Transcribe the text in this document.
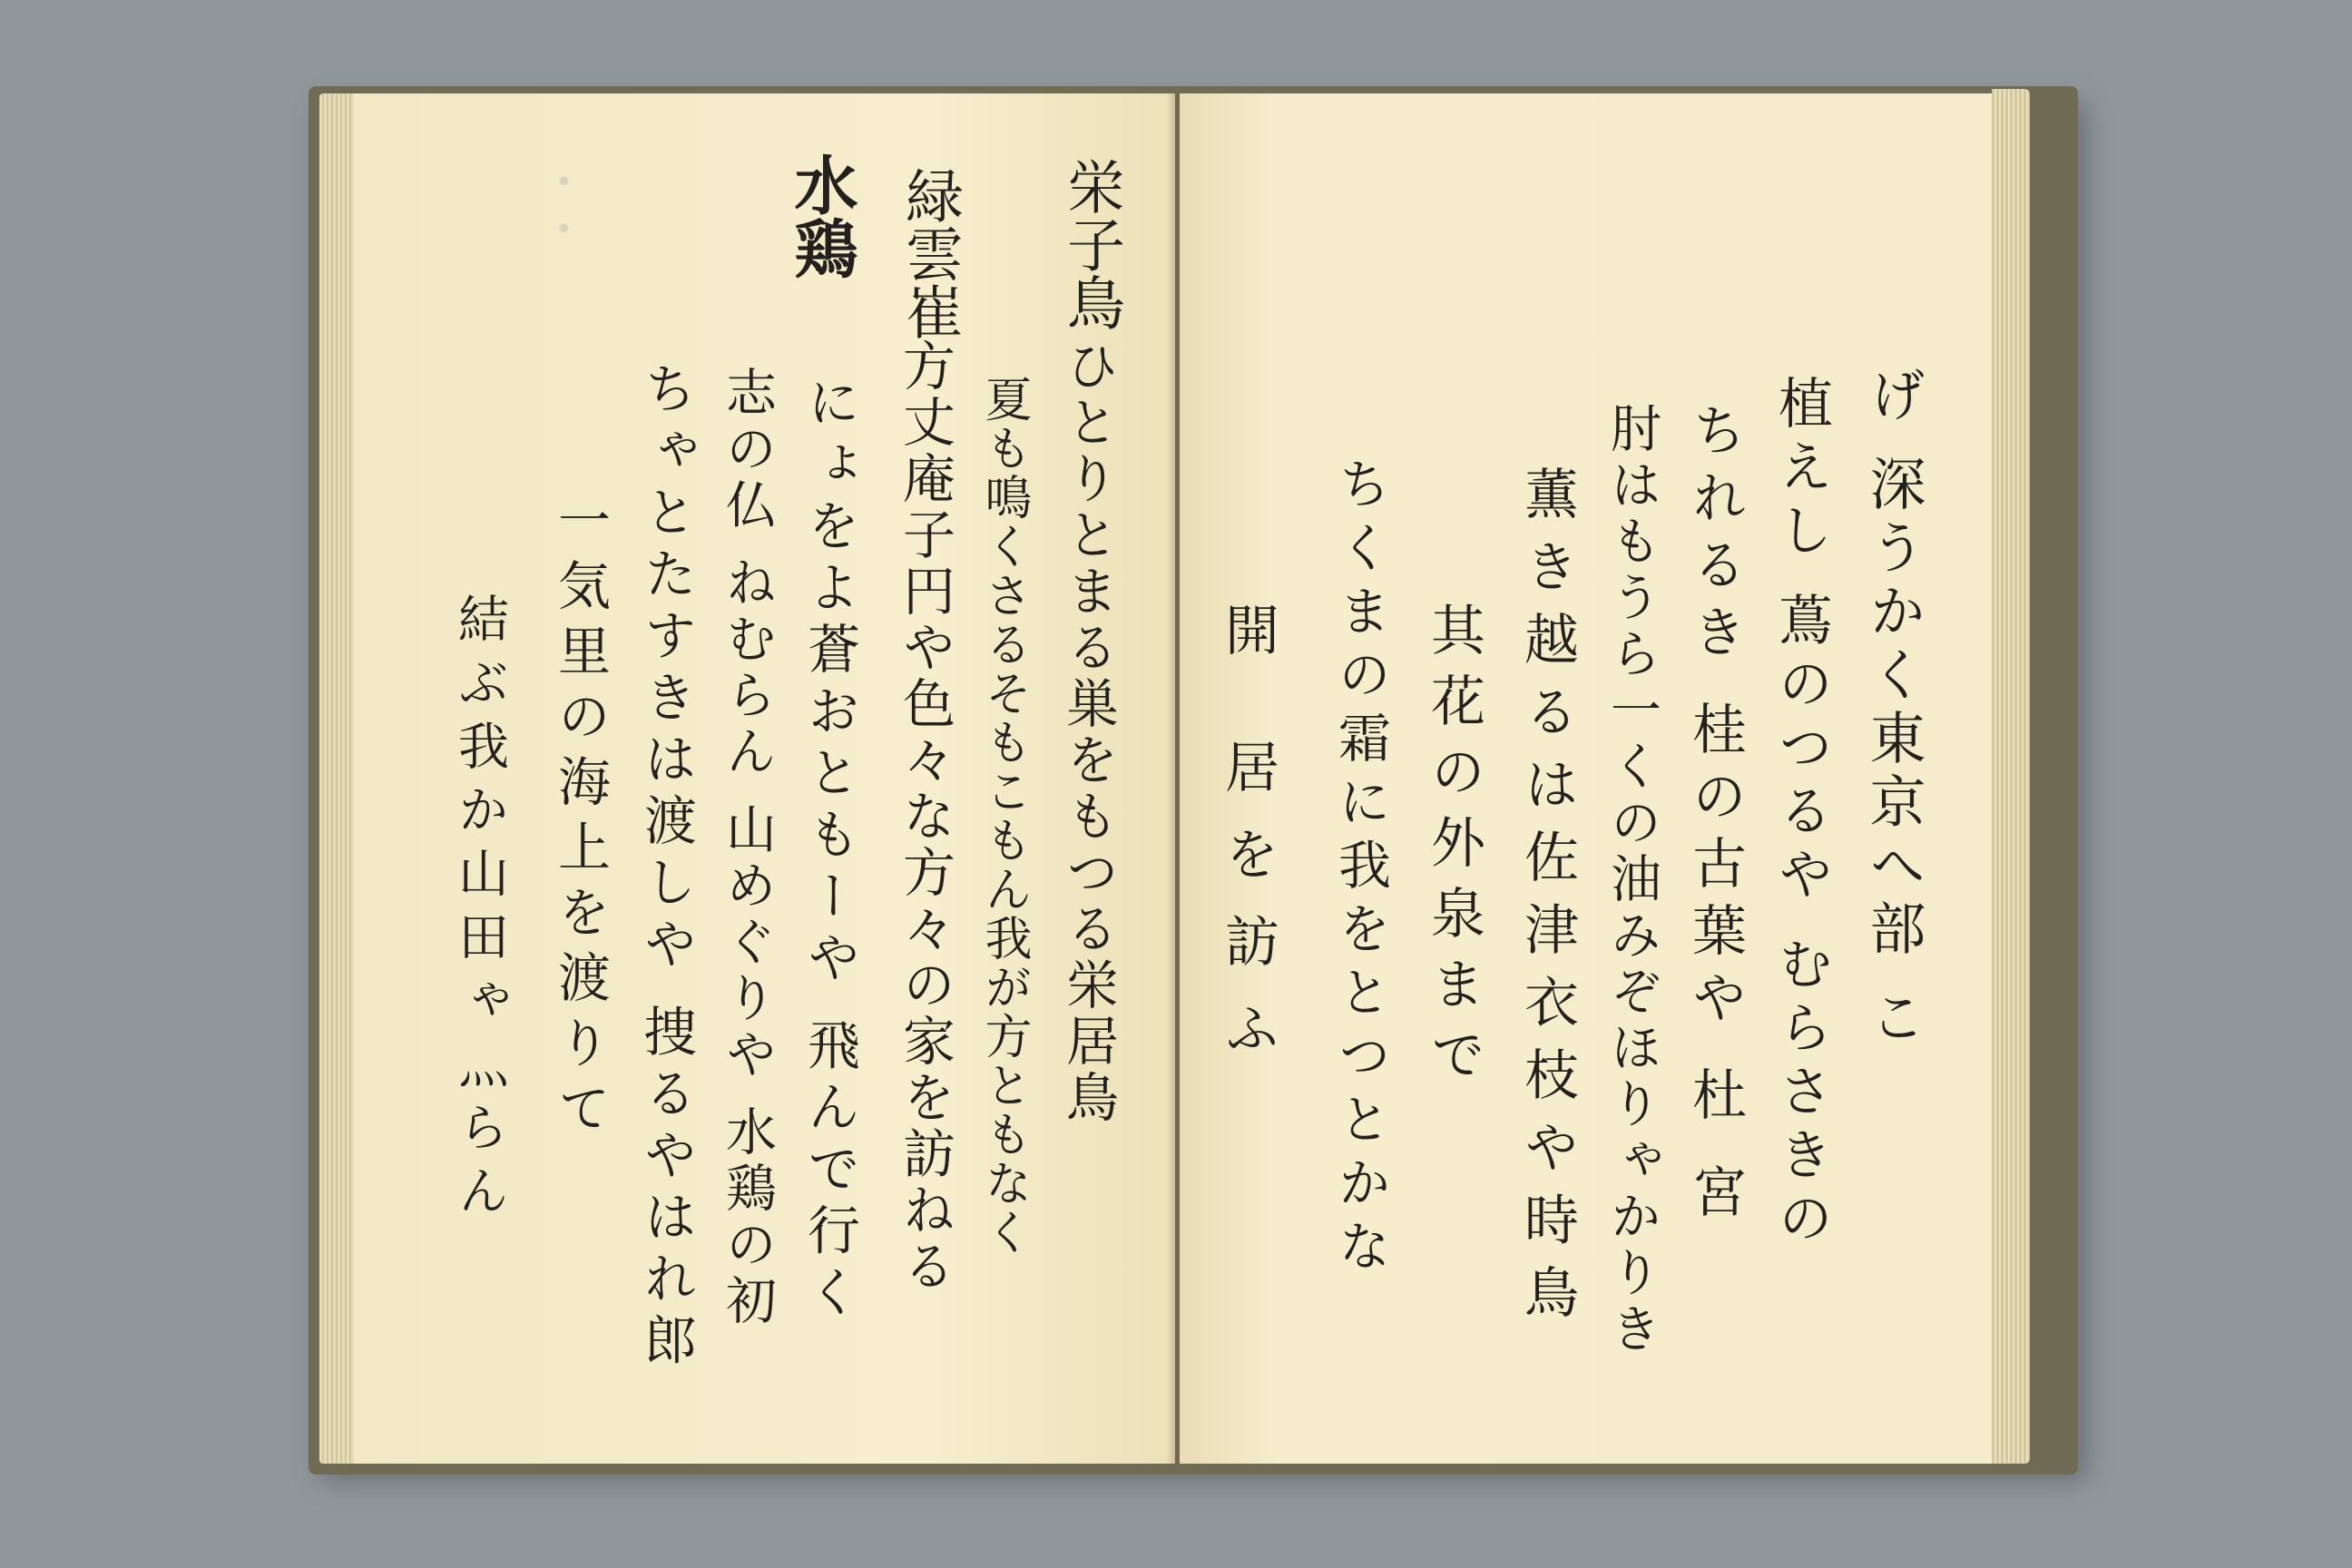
・・	栄子鳥
緑雲崔
水鶏
ひとりとまる巣をもつる栄居鳥
夏も鳴くさるそもこもん我が方ともなく
方丈庵子円や色々な方々の家を訪ねる
にょをよ蒼おともーや 飛んで行く
志の仏 ねむらん 山めぐりや 水鶏の初
ちゃとたすきは渡しや 捜るやはれ郎
一気里の海上を渡りて
結ぶ我か山田ゃ灬らん	げ 深うかく東京へ部 こ
植えし 蔦のつるや むらさきの
ちれるき 桂の古葉や 杜 宮
肘はもうら一くの油みぞほりゃかりき
薫き越るは佐津衣枝や時鳥
其花の外泉まで
ちくまの霜に我をとつとかな
開 居を訪ふ
